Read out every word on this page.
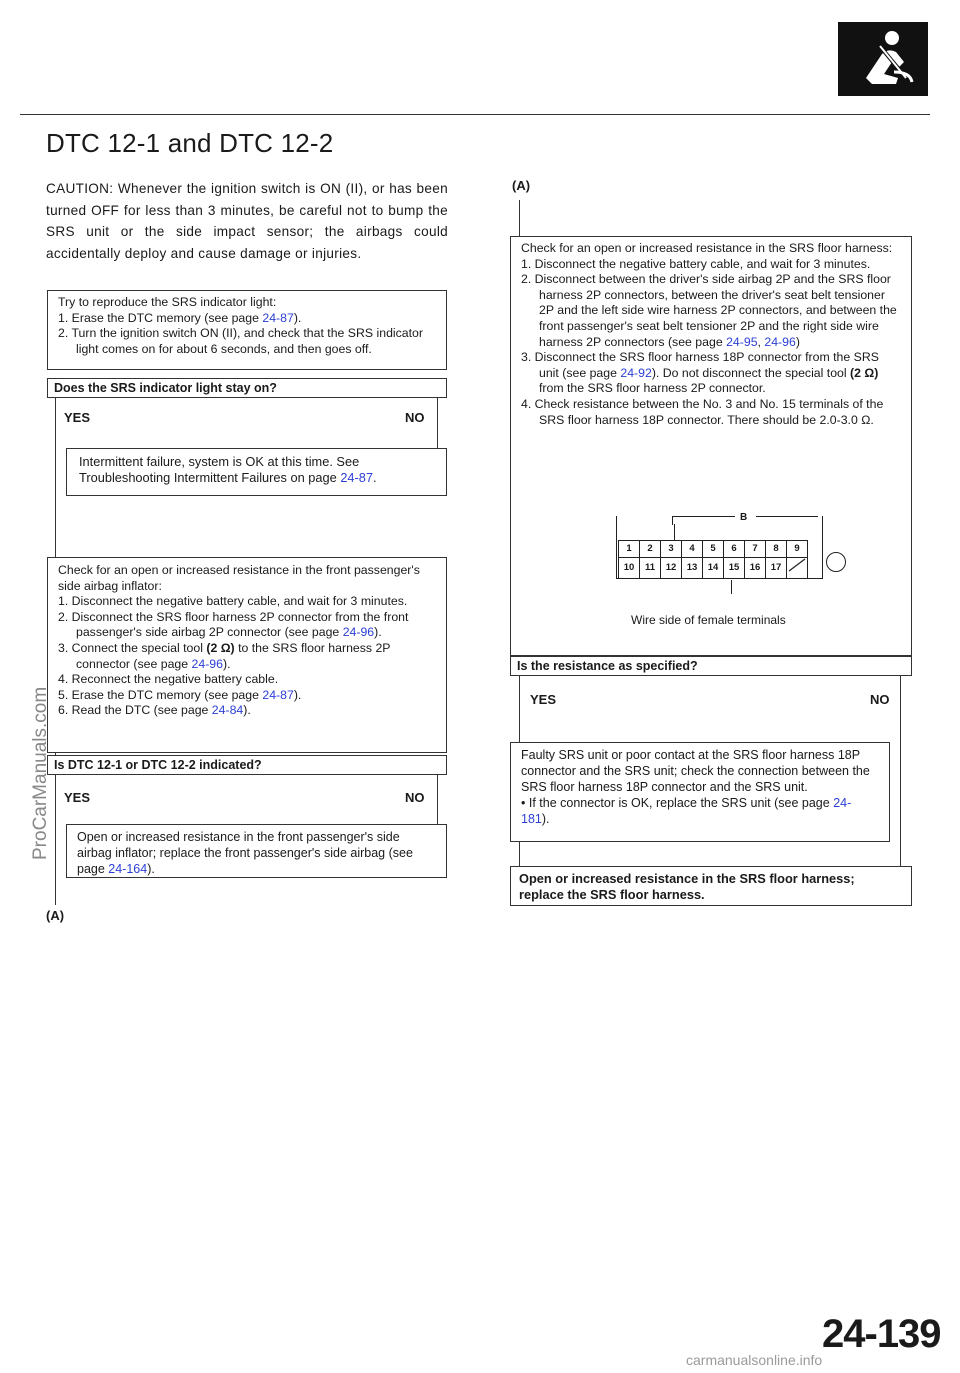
DTC 12-1 and DTC 12-2
CAUTION: Whenever the ignition switch is ON (II), or has been turned OFF for less than 3 minutes, be careful not to bump the SRS unit or the side impact sensor; the airbags could accidentally deploy and cause damage or injuries.
Try to reproduce the SRS indicator light:
1. Erase the DTC memory (see page 24-87).
2. Turn the ignition switch ON (II), and check that the SRS indicator light comes on for about 6 seconds, and then goes off.
Does the SRS indicator light stay on?
YES	NO
Intermittent failure, system is OK at this time. See Troubleshooting Intermittent Failures on page 24-87.
Check for an open or increased resistance in the front passenger's side airbag inflator:
1. Disconnect the negative battery cable, and wait for 3 minutes.
2. Disconnect the SRS floor harness 2P connector from the front passenger's side airbag 2P connector (see page 24-96).
3. Connect the special tool (2 Ω) to the SRS floor harness 2P connector (see page 24-96).
4. Reconnect the negative battery cable.
5. Erase the DTC memory (see page 24-87).
6. Read the DTC (see page 24-84).
Is DTC 12-1 or DTC 12-2 indicated?
YES	NO
Open or increased resistance in the front passenger's side airbag inflator; replace the front passenger's side airbag (see page 24-164).
(A)
(A)
Check for an open or increased resistance in the SRS floor harness:
1. Disconnect the negative battery cable, and wait for 3 minutes.
2. Disconnect between the driver's side airbag 2P and the SRS floor harness 2P connectors, between the driver's seat belt tensioner 2P and the left side wire harness 2P connectors, and between the front passenger's seat belt tensioner 2P and the right side wire harness 2P connectors (see page 24-95, 24-96)
3. Disconnect the SRS floor harness 18P connector from the SRS unit (see page 24-92). Do not disconnect the special tool (2 Ω) from the SRS floor harness 2P connector.
4. Check resistance between the No. 3 and No. 15 terminals of the SRS floor harness 18P connector. There should be 2.0-3.0 Ω.
B
1	2	3	4	5	6	7	8	9
10	11	12	13	14	15	16	17	
Wire side of female terminals
Is the resistance as specified?
YES	NO
Faulty SRS unit or poor contact at the SRS floor harness 18P connector and the SRS unit; check the connection between the SRS floor harness 18P connector and the SRS unit.
• If the connector is OK, replace the SRS unit (see page 24-181).
Open or increased resistance in the SRS floor harness; replace the SRS floor harness.
24-139
ProCarManuals.com
carmanualsonline.info
